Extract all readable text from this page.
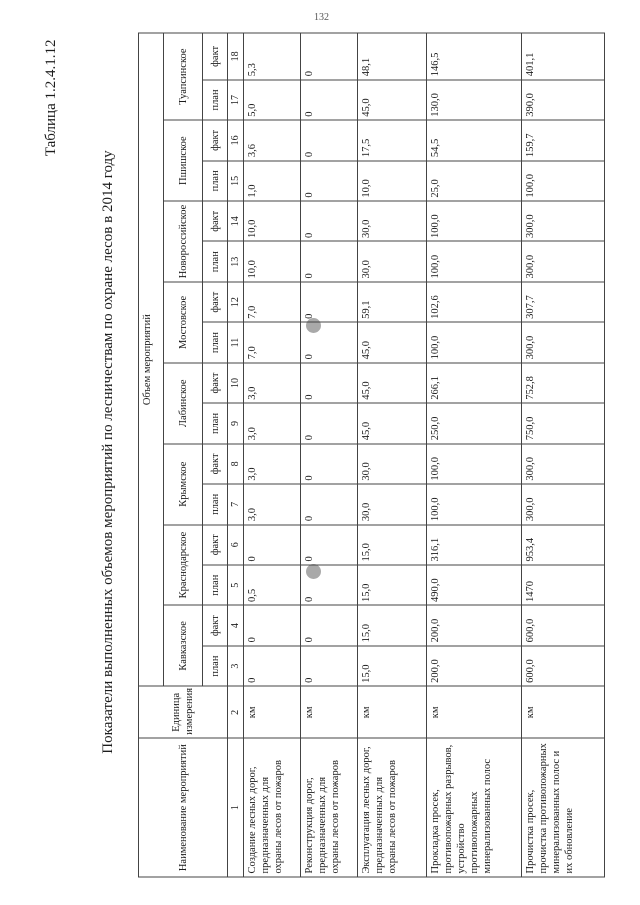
132
Таблица 1.2.4.1.12
Показатели выполненных объемов мероприятий по лесничествам по охране лесов в 2014 году
Наименование мероприятий	Единица измерения	Объем мероприятий															
		Кавказское		Краснодарское		Крымское		Лабинское		Мостовское		Новороссийское		Пшишское		Туапсинское	
		план	факт	план	факт	план	факт	план	факт	план	факт	план	факт	план	факт	план	факт
1	2	3	4	5	6	7	8	9	10	11	12	13	14	15	16	17	18
Создание лесных дорог, предназначенных для охраны лесов от пожаров	км	0	0	0,5	0	3,0	3,0	3,0	3,0	7,0	7,0	10,0	10,0	1,0	3,6	5,0	5,3
Реконструкция дорог, предназначенных для охраны лесов от пожаров	км	0	0	0	0	0	0	0	0	0	0	0	0	0	0	0	0
Эксплуатация лесных дорог, предназначенных для охраны лесов от пожаров	км	15,0	15,0	15,0	15,0	30,0	30,0	45,0	45,0	45,0	59,1	30,0	30,0	10,0	17,5	45,0	48,1
Прокладка просек, противопожарных разрывов, устройство противопожарных минерализованных полос	км	200,0	200,0	490,0	316,1	100,0	100,0	250,0	266,1	100,0	102,6	100,0	100,0	25,0	54,5	130,0	146,5
Прочистка просек, прочистка противопожарных минерализованных полос и их обновление	км	600,0	600,0	1470	953,4	300,0	300,0	750,0	752,8	300,0	307,7	300,0	300,0	100,0	159,7	390,0	401,1
